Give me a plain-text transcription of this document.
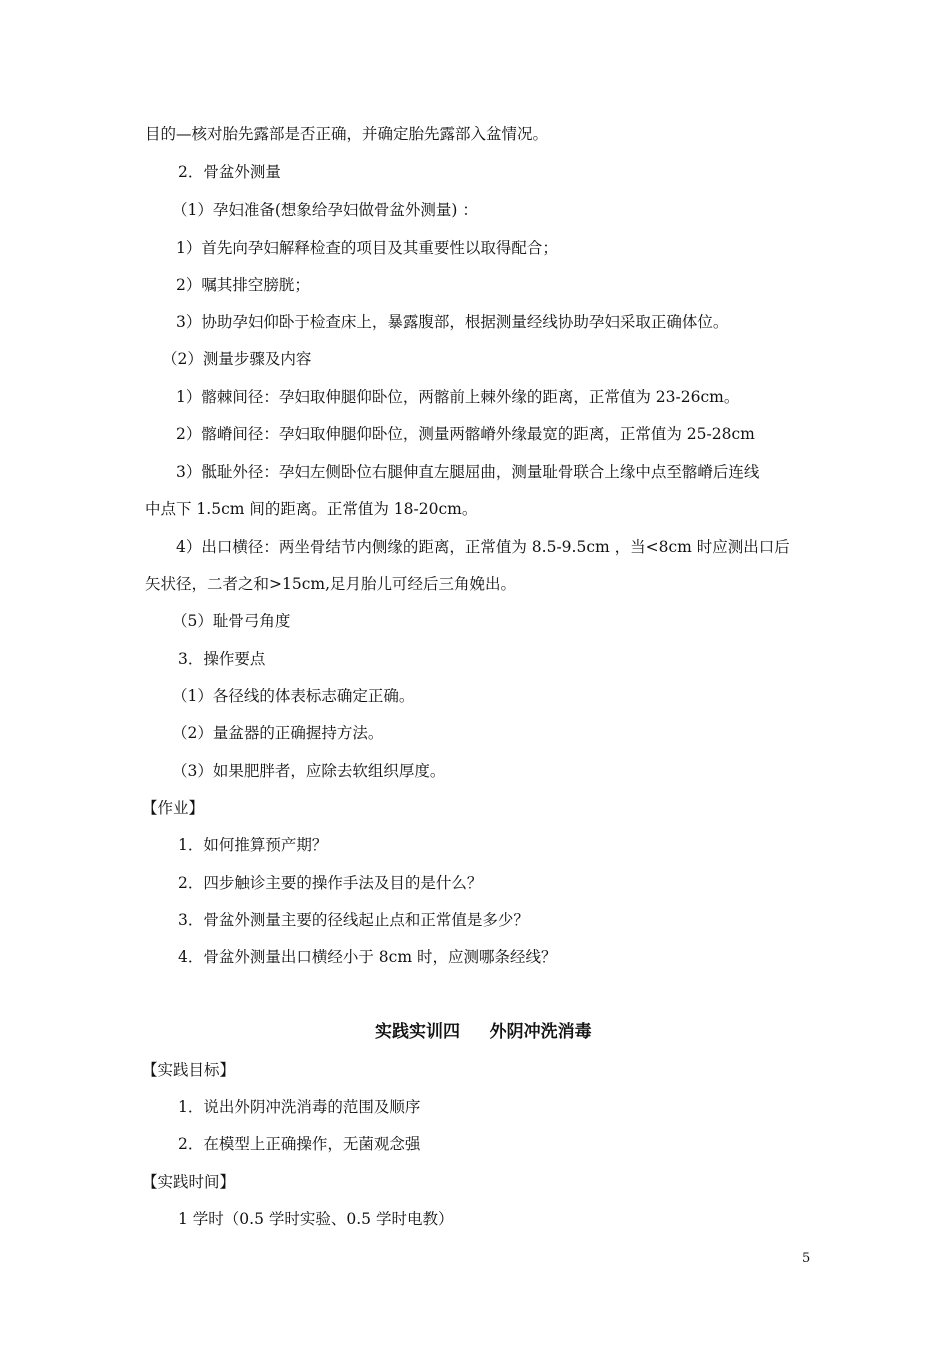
目的—核对胎先露部是否正确，并确定胎先露部入盆情况。
2．骨盆外测量
（1）孕妇准备(想象给孕妇做骨盆外测量) ：
1）首先向孕妇解释检查的项目及其重要性以取得配合；
2）嘱其排空膀胱；
3）协助孕妇仰卧于检查床上，暴露腹部，根据测量经线协助孕妇采取正确体位。
（2）测量步骤及内容
1）髂棘间径：孕妇取伸腿仰卧位，两髂前上棘外缘的距离，正常值为 23-26cm。
2）髂嵴间径：孕妇取伸腿仰卧位，测量两髂嵴外缘最宽的距离，正常值为 25-28cm
3）骶耻外径：孕妇左侧卧位右腿伸直左腿屈曲，测量耻骨联合上缘中点至髂嵴后连线
中点下 1.5cm 间的距离。正常值为 18-20cm。
4）出口横径：两坐骨结节内侧缘的距离，正常值为 8.5-9.5cm ，当<8cm 时应测出口后
矢状径，二者之和>15cm,足月胎儿可经后三角娩出。
（5）耻骨弓角度
3．操作要点
（1）各径线的体表标志确定正确。
（2）量盆器的正确握持方法。
（3）如果肥胖者，应除去软组织厚度。
【作业】
1．如何推算预产期？
2．四步触诊主要的操作手法及目的是什么？
3．骨盆外测量主要的径线起止点和正常值是多少？
4．骨盆外测量出口横经小于 8cm 时，应测哪条经线？
实践实训四     外阴冲洗消毒
【实践目标】
1．说出外阴冲洗消毒的范围及顺序
2．在模型上正确操作，无菌观念强
【实践时间】
1 学时（0.5 学时实验、0.5 学时电教）
5
